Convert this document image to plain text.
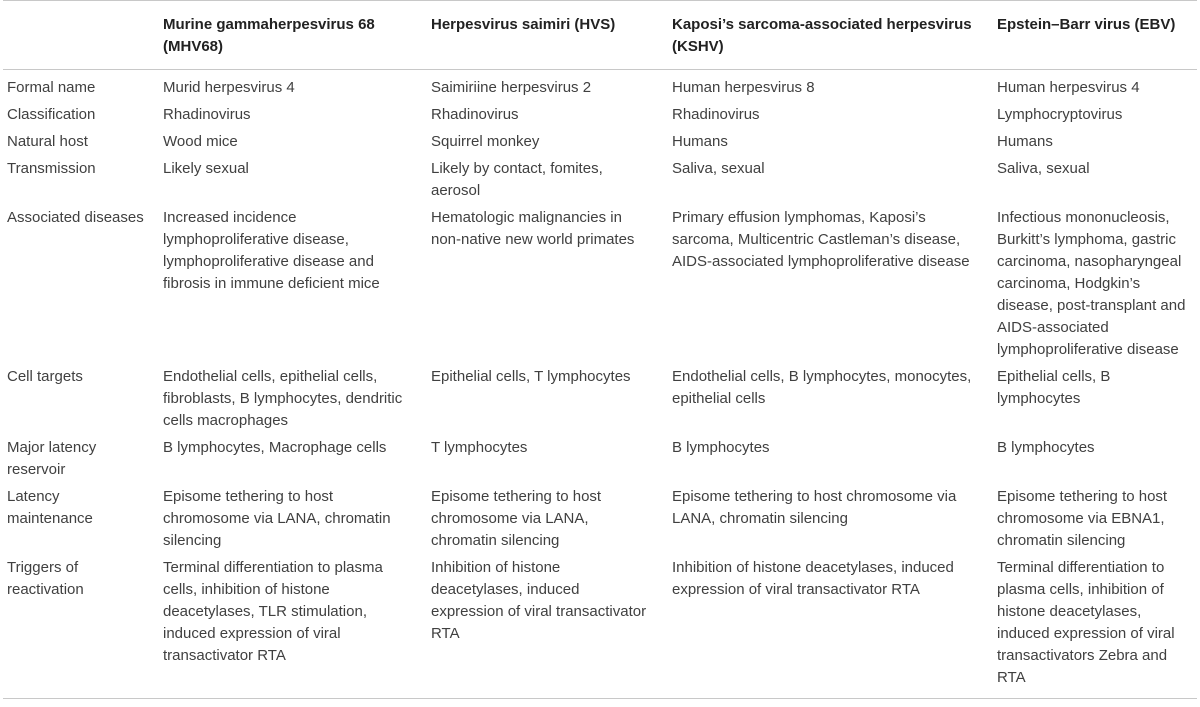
	Murine gammaherpesvirus 68 (MHV68)	Herpesvirus saimiri (HVS)	Kaposi’s sarcoma-associated herpesvirus (KSHV)	Epstein–Barr virus (EBV)
Formal name	Murid herpesvirus 4	Saimiriine herpesvirus 2	Human herpesvirus 8	Human herpesvirus 4
Classification	Rhadinovirus	Rhadinovirus	Rhadinovirus	Lymphocryptovirus
Natural host	Wood mice	Squirrel monkey	Humans	Humans
Transmission	Likely sexual	Likely by contact, fomites, aerosol	Saliva, sexual	Saliva, sexual
Associated diseases	Increased incidence lymphoproliferative disease, lymphoproliferative disease and fibrosis in immune deficient mice	Hematologic malignancies in non-native new world primates	Primary effusion lymphomas, Kaposi’s sarcoma, Multicentric Castleman’s disease, AIDS-associated lymphoproliferative disease	Infectious mononucleosis, Burkitt’s lymphoma, gastric carcinoma, nasopharyngeal carcinoma, Hodgkin’s disease, post-transplant and AIDS-associated lymphoproliferative disease
Cell targets	Endothelial cells, epithelial cells, fibroblasts, B lymphocytes, dendritic cells macrophages	Epithelial cells, T lymphocytes	Endothelial cells, B lymphocytes, monocytes, epithelial cells	Epithelial cells, B lymphocytes
Major latency reservoir	B lymphocytes, Macrophage cells	T lymphocytes	B lymphocytes	B lymphocytes
Latency maintenance	Episome tethering to host chromosome via LANA, chromatin silencing	Episome tethering to host chromosome via LANA, chromatin silencing	Episome tethering to host chromosome via LANA, chromatin silencing	Episome tethering to host chromosome via EBNA1, chromatin silencing
Triggers of reactivation	Terminal differentiation to plasma cells, inhibition of histone deacetylases, TLR stimulation, induced expression of viral transactivator RTA	Inhibition of histone deacetylases, induced expression of viral transactivator RTA	Inhibition of histone deacetylases, induced expression of viral transactivator RTA	Terminal differentiation to plasma cells, inhibition of histone deacetylases, induced expression of viral transactivators Zebra and RTA
